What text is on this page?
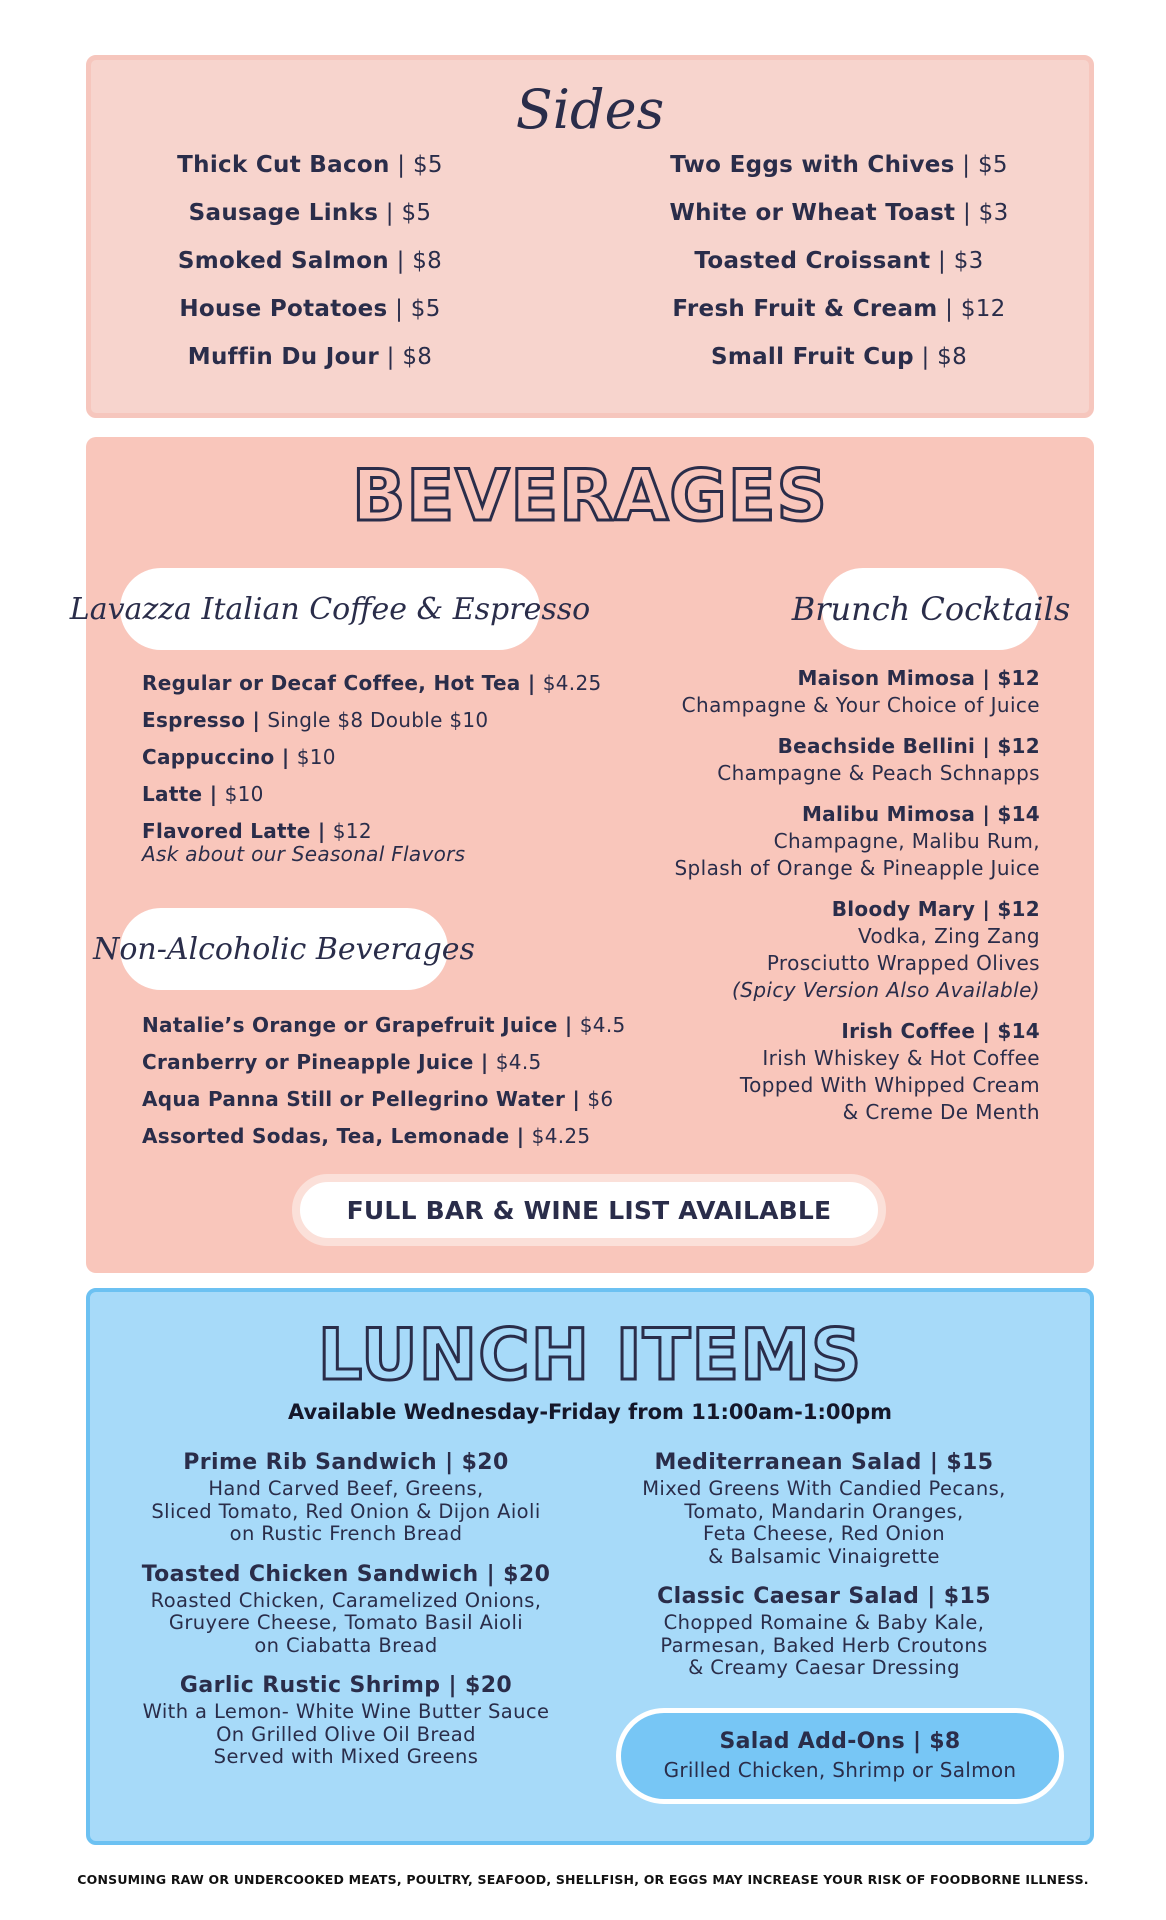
Sides
Thick Cut Bacon | $5
Sausage Links | $5
Smoked Salmon | $8
House Potatoes | $5
Muffin Du Jour | $8
Two Eggs with Chives | $5
White or Wheat Toast | $3
Toasted Croissant | $3
Fresh Fruit & Cream | $12
Small Fruit Cup | $8
BEVERAGES
Lavazza Italian Coffee & Espresso	Brunch Cocktails
Regular or Decaf Coffee, Hot Tea | $4.25
Espresso | Single $8 Double $10
Cappuccino | $10
Latte | $10
Flavored Latte | $12
Ask about our Seasonal Flavors
Non-Alcoholic Beverages
Natalie’s Orange or Grapefruit Juice | $4.5
Cranberry or Pineapple Juice | $4.5
Aqua Panna Still or Pellegrino Water | $6
Assorted Sodas, Tea, Lemonade | $4.25
Maison Mimosa | $12
Champagne & Your Choice of Juice
Beachside Bellini | $12
Champagne & Peach Schnapps
Malibu Mimosa | $14
Champagne, Malibu Rum,
Splash of Orange & Pineapple Juice
Bloody Mary | $12
Vodka, Zing Zang
Prosciutto Wrapped Olives
(Spicy Version Also Available)
Irish Coffee | $14
Irish Whiskey & Hot Coffee
Topped With Whipped Cream
& Creme De Menth
FULL BAR & WINE LIST AVAILABLE
LUNCH ITEMS
Available Wednesday-Friday from 11:00am-1:00pm
Prime Rib Sandwich | $20
Hand Carved Beef, Greens,
Sliced Tomato, Red Onion & Dijon Aioli
on Rustic French Bread
Toasted Chicken Sandwich | $20
Roasted Chicken, Caramelized Onions,
Gruyere Cheese, Tomato Basil Aioli
on Ciabatta Bread
Garlic Rustic Shrimp | $20
With a Lemon- White Wine Butter Sauce
On Grilled Olive Oil Bread
Served with Mixed Greens
Mediterranean Salad | $15
Mixed Greens With Candied Pecans,
Tomato, Mandarin Oranges,
Feta Cheese, Red Onion
& Balsamic Vinaigrette
Classic Caesar Salad | $15
Chopped Romaine & Baby Kale,
Parmesan, Baked Herb Croutons
& Creamy Caesar Dressing
Salad Add-Ons | $8
Grilled Chicken, Shrimp or Salmon
CONSUMING RAW OR UNDERCOOKED MEATS, POULTRY, SEAFOOD, SHELLFISH, OR EGGS MAY INCREASE YOUR RISK OF FOODBORNE ILLNESS.
